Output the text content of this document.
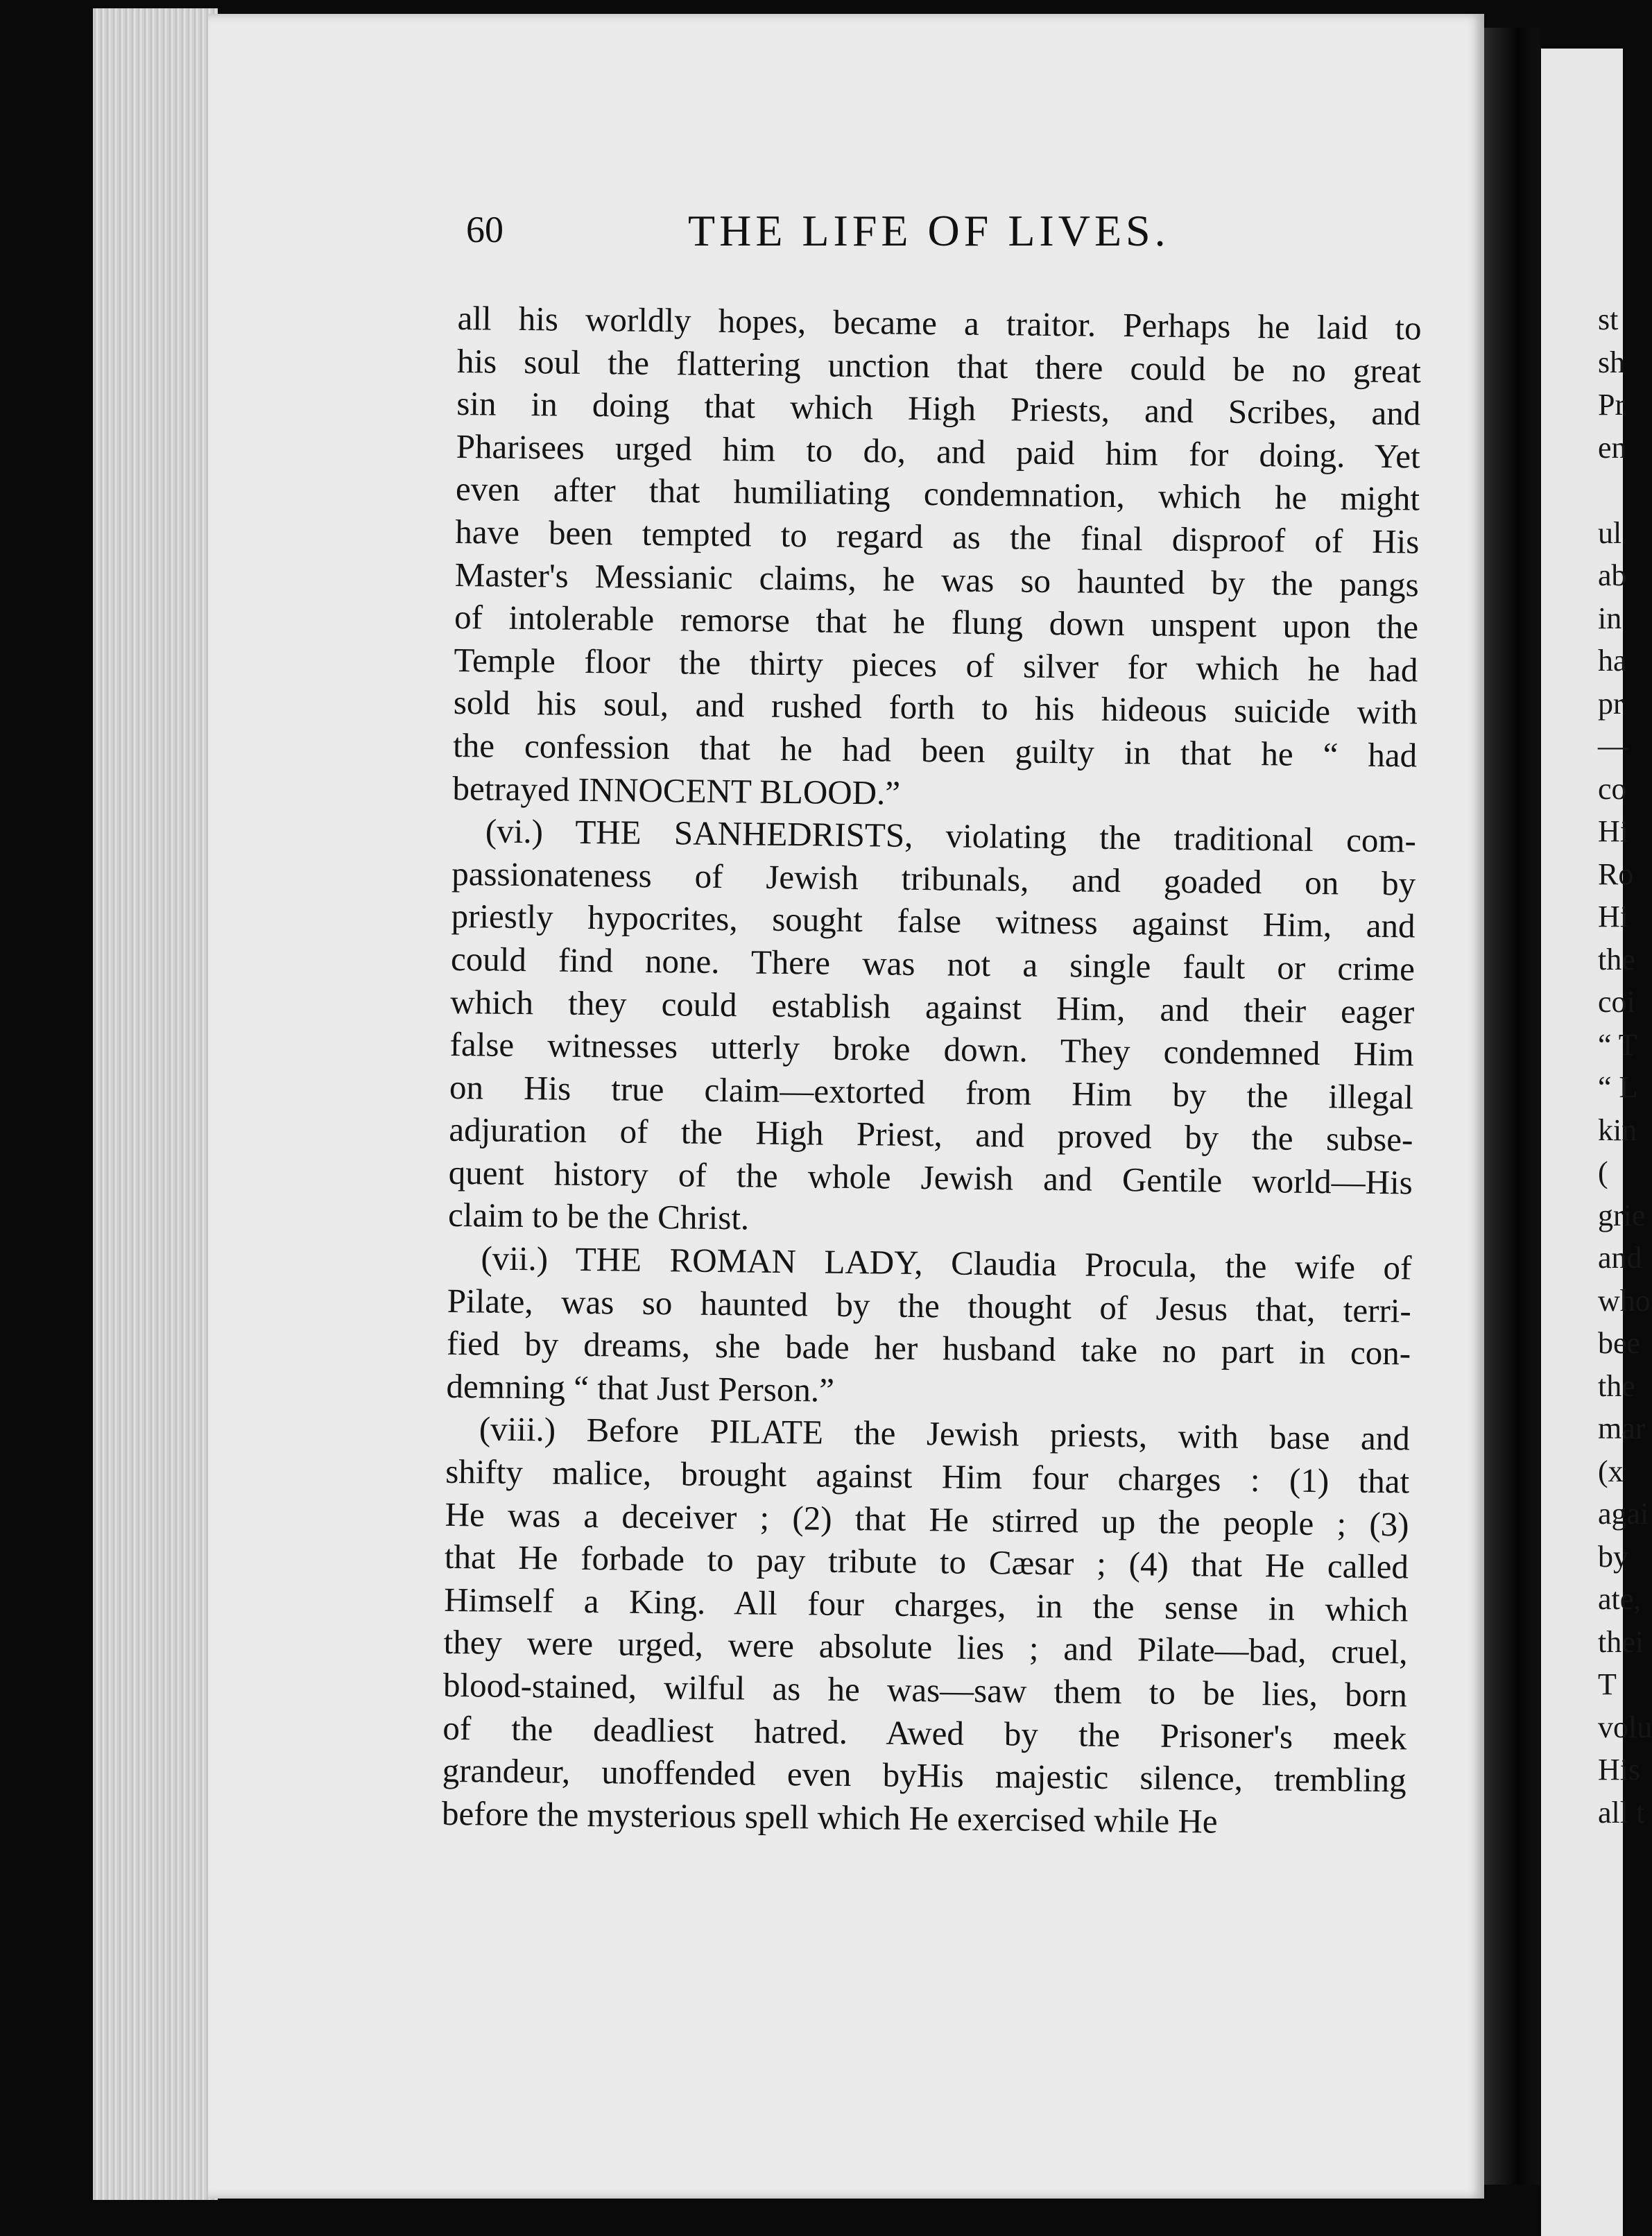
st
sh
Pr
en
ul
ab
in
ha
pr
—
co
Hi
Ro
Hi
the
coi
“ T
“ L
kin
(
grie
and
who
bee
the
mar
(x
agai
by
ate,
thei
T
volu
His
all t
60	THE LIFE OF LIVES.
all his worldly hopes, became a traitor. Perhaps he laid to
his soul the flattering unction that there could be no great
sin in doing that which High Priests, and Scribes, and
Pharisees urged him to do, and paid him for doing. Yet
even after that humiliating condemnation, which he might
have been tempted to regard as the final disproof of His
Master's Messianic claims, he was so haunted by the pangs
of intolerable remorse that he flung down unspent upon the
Temple floor the thirty pieces of silver for which he had
sold his soul, and rushed forth to his hideous suicide with
the confession that he had been guilty in that he “ had
betrayed INNOCENT BLOOD.”
(vi.) THE SANHEDRISTS, violating the traditional com-
passionateness of Jewish tribunals, and goaded on by
priestly hypocrites, sought false witness against Him, and
could find none. There was not a single fault or crime
which they could establish against Him, and their eager
false witnesses utterly broke down. They condemned Him
on His true claim—extorted from Him by the illegal
adjuration of the High Priest, and proved by the subse-
quent history of the whole Jewish and Gentile world—His
claim to be the Christ.
(vii.) THE ROMAN LADY, Claudia Procula, the wife of
Pilate, was so haunted by the thought of Jesus that, terri-
fied by dreams, she bade her husband take no part in con-
demning “ that Just Person.”
(viii.) Before PILATE the Jewish priests, with base and
shifty malice, brought against Him four charges : (1) that
He was a deceiver ; (2) that He stirred up the people ; (3)
that He forbade to pay tribute to Cæsar ; (4) that He called
Himself a King. All four charges, in the sense in which
they were urged, were absolute lies ; and Pilate—bad, cruel,
blood-stained, wilful as he was—saw them to be lies, born
of the deadliest hatred. Awed by the Prisoner's meek
grandeur, unoffended even byHis majestic silence, trembling
before the mysterious spell which He exercised while He
